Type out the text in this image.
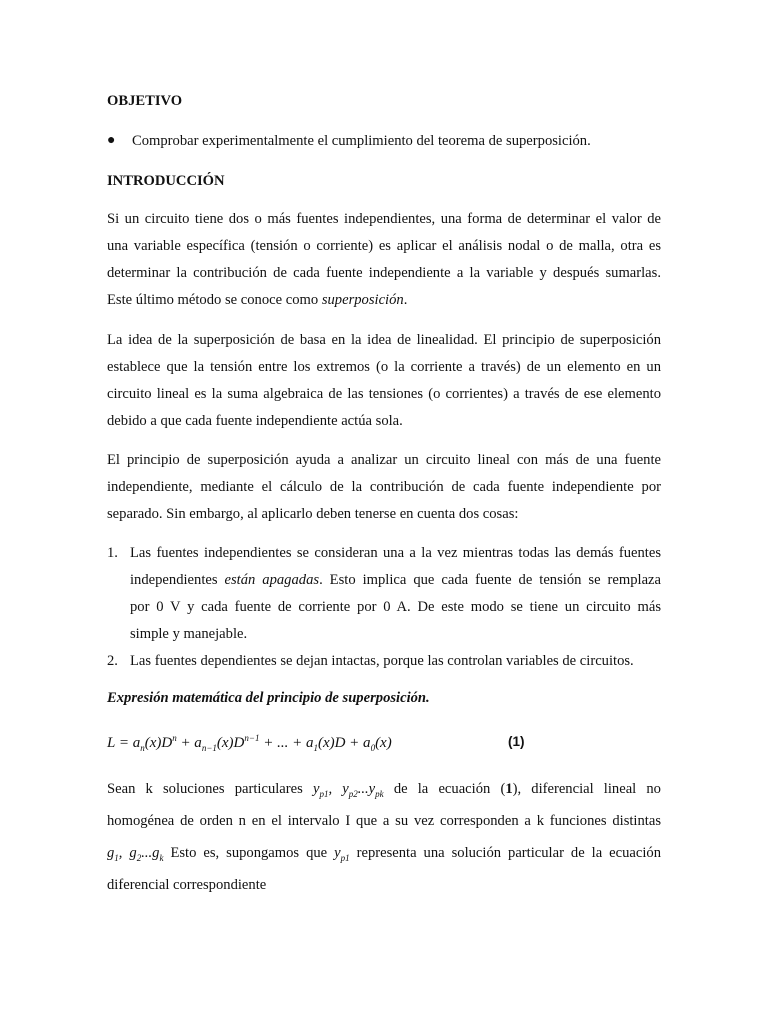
OBJETIVO
●	Comprobar experimentalmente el cumplimiento del teorema de superposición.
INTRODUCCIÓN
Si un circuito tiene dos o más fuentes independientes, una forma de determinar el valor de
una variable específica (tensión o corriente) es aplicar el análisis nodal o de malla, otra es
determinar la contribución de cada fuente independiente a la variable y después sumarlas.
Este último método se conoce como superposición.
La idea de la superposición de basa en la idea de linealidad. El principio de superposición
establece que la tensión entre los extremos (o la corriente a través) de un elemento en un
circuito lineal es la suma algebraica de las tensiones (o corrientes) a través de ese elemento
debido a que cada fuente independiente actúa sola.
El principio de superposición ayuda a analizar un circuito lineal con más de una fuente
independiente, mediante el cálculo de la contribución de cada fuente independiente por
separado. Sin embargo, al aplicarlo deben tenerse en cuenta dos cosas:
1. Las fuentes independientes se consideran una a la vez mientras todas las demás fuentes
independientes están apagadas. Esto implica que cada fuente de tensión se remplaza
por 0 V y cada fuente de corriente por 0 A. De este modo se tiene un circuito más
simple y manejable.
2. Las fuentes dependientes se dejan intactas, porque las controlan variables de circuitos.
Expresión matemática del principio de superposición.
$L = a_n(x)D^n + a_{n-1}(x)D^{n-1}$ + ... + $a_1(x)D + a_0(x)$	(1)
Sean k soluciones particulares $y_{p1}$, $y_{p2}...y_{pk}$ de la ecuación (1), diferencial lineal no
homogénea de orden n en el intervalo I que a su vez corresponden a k funciones distintas
$g_1$, $g_2...g_k$ Esto es, supongamos que $y_{p1}$ representa una solución particular de la ecuación
diferencial correspondiente
